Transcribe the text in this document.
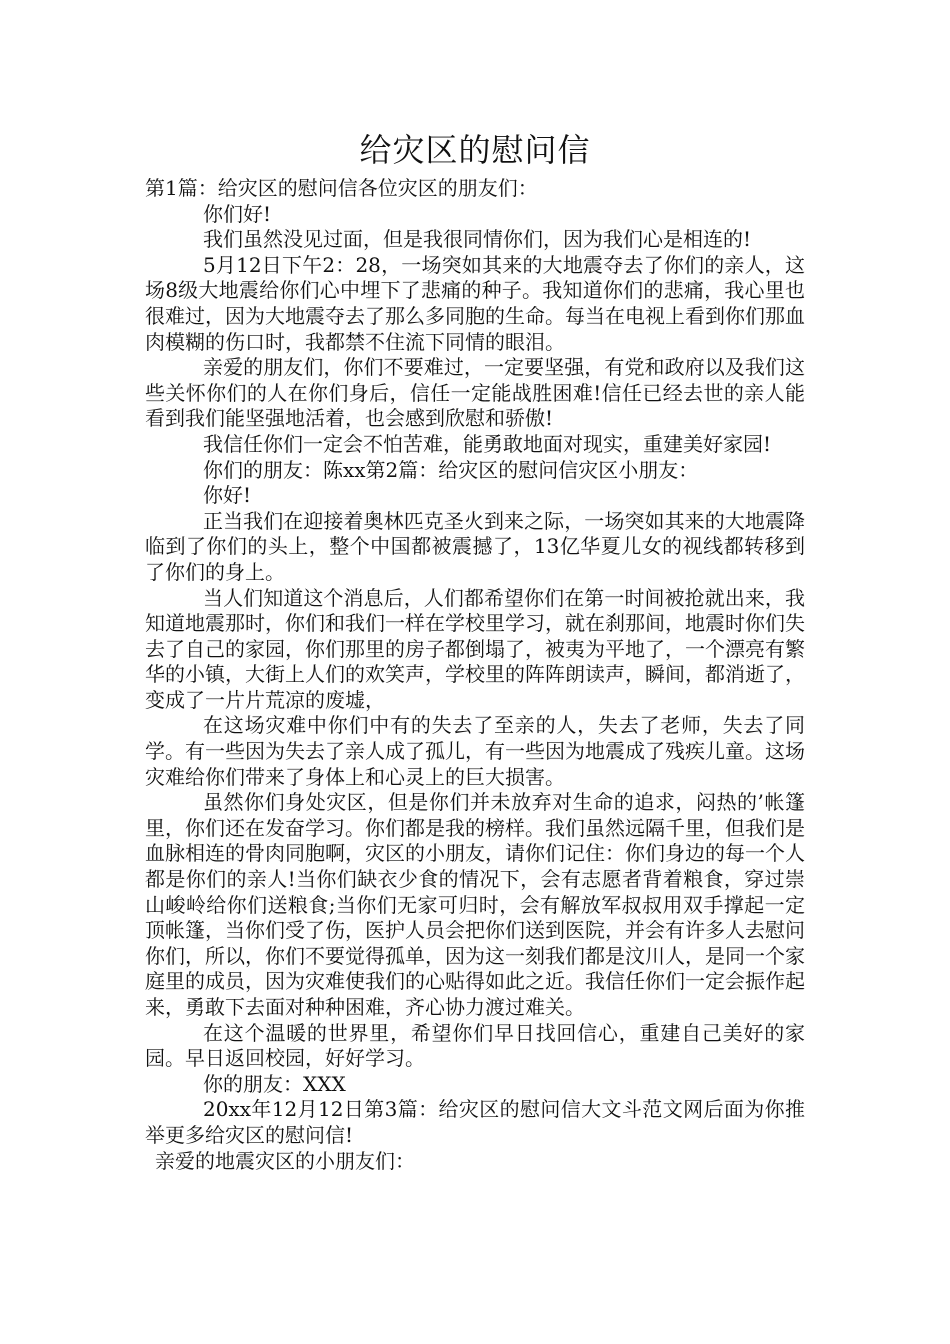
给灾区的慰问信

第1篇：给灾区的慰问信各位灾区的朋友们：

你们好!

我们虽然没见过面，但是我很同情你们，因为我们心是相连的!

5月12日下午2：28，一场突如其来的大地震夺去了你们的亲人，这场8级大地震给你们心中埋下了悲痛的种子。我知道你们的悲痛，我心里也很难过，因为大地震夺去了那么多同胞的生命。每当在电视上看到你们那血肉模糊的伤口时，我都禁不住流下同情的眼泪。

亲爱的朋友们，你们不要难过，一定要坚强，有党和政府以及我们这些关怀你们的人在你们身后，信任一定能战胜困难!信任已经去世的亲人能看到我们能坚强地活着，也会感到欣慰和骄傲!

我信任你们一定会不怕苦难，能勇敢地面对现实，重建美好家园!

你们的朋友：陈xx第2篇：给灾区的慰问信灾区小朋友：

你好!

正当我们在迎接着奥林匹克圣火到来之际，一场突如其来的大地震降临到了你们的头上，整个中国都被震撼了，13亿华夏儿女的视线都转移到了你们的身上。

当人们知道这个消息后，人们都希望你们在第一时间被抢就出来，我知道地震那时，你们和我们一样在学校里学习，就在刹那间，地震时你们失去了自己的家园，你们那里的房子都倒塌了，被夷为平地了，一个漂亮有繁华的小镇，大街上人们的欢笑声，学校里的阵阵朗读声，瞬间，都消逝了，变成了一片片荒凉的废墟，

在这场灾难中你们中有的失去了至亲的人，失去了老师，失去了同学。有一些因为失去了亲人成了孤儿，有一些因为地震成了残疾儿童。这场灾难给你们带来了身体上和心灵上的巨大损害。

虽然你们身处灾区，但是你们并未放弃对生命的追求，闷热的’帐篷里，你们还在发奋学习。你们都是我的榜样。我们虽然远隔千里，但我们是血脉相连的骨肉同胞啊，灾区的小朋友，请你们记住：你们身边的每一个人都是你们的亲人!当你们缺衣少食的情况下，会有志愿者背着粮食，穿过崇山峻岭给你们送粮食;当你们无家可归时，会有解放军叔叔用双手撑起一定顶帐篷，当你们受了伤，医护人员会把你们送到医院，并会有许多人去慰问你们，所以，你们不要觉得孤单，因为这一刻我们都是汶川人，是同一个家庭里的成员，因为灾难使我们的心贴得如此之近。我信任你们一定会振作起来，勇敢下去面对种种困难，齐心协力渡过难关。

在这个温暖的世界里，希望你们早日找回信心，重建自己美好的家园。早日返回校园，好好学习。

你的朋友：XXX

20xx年12月12日第3篇：给灾区的慰问信大文斗范文网后面为你推举更多给灾区的慰问信!

亲爱的地震灾区的小朋友们：
